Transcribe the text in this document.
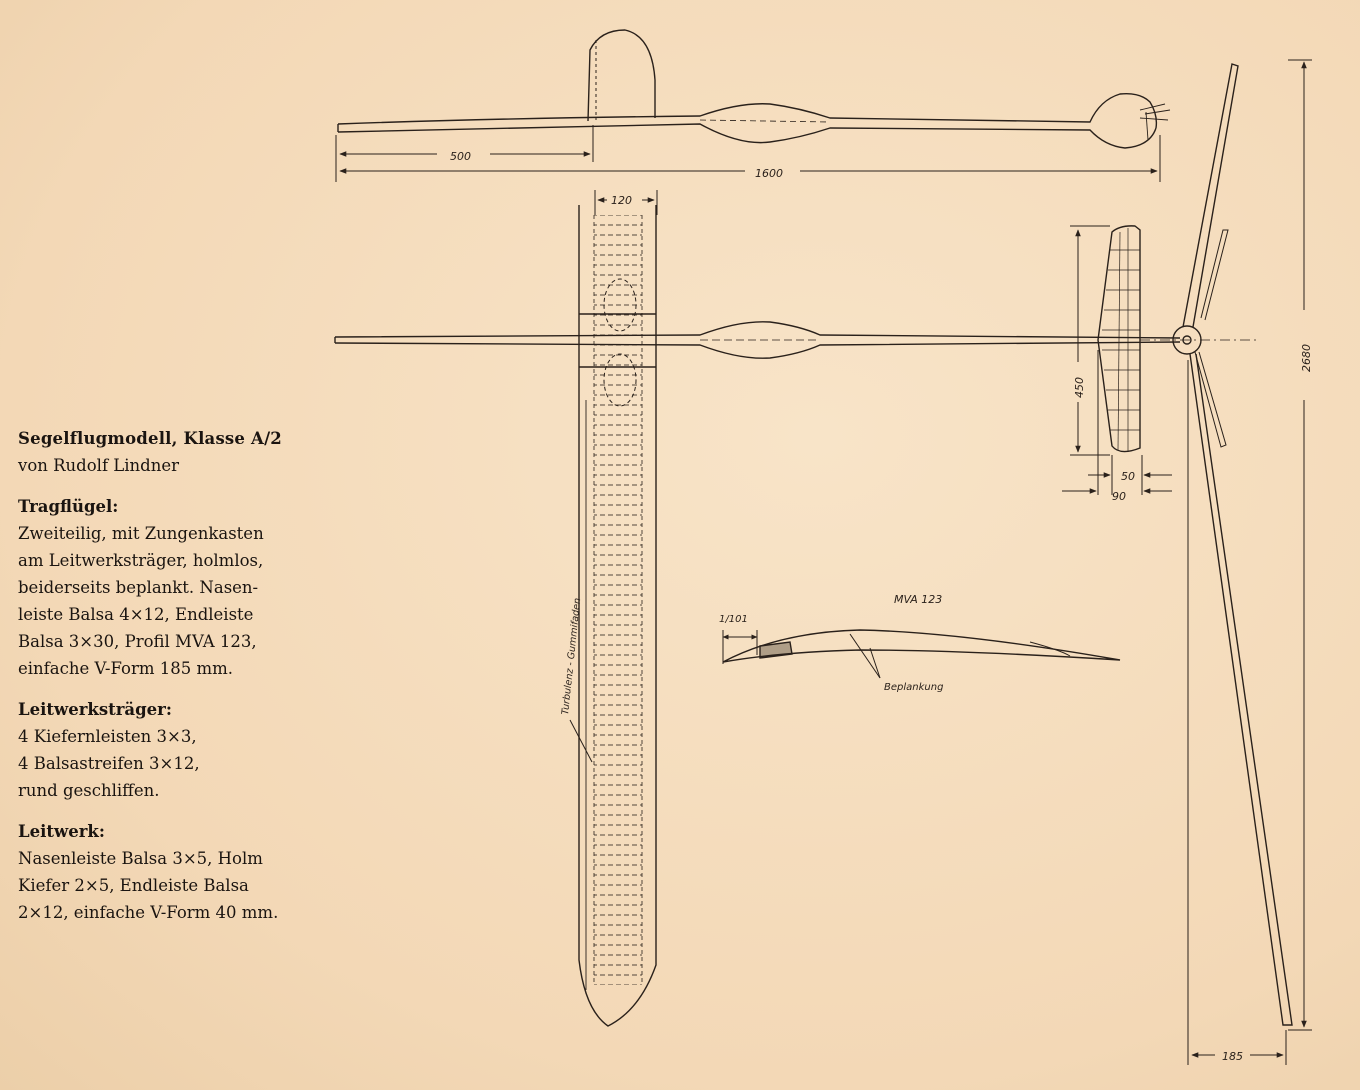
Segelflugmodell, Klasse A/2
von Rudolf Lindner
Tragflügel:
Zweiteilig, mit Zungenkasten
am Leitwerksträger, holmlos,
beiderseits beplankt. Nasen-
leiste Balsa 4×12, Endleiste
Balsa 3×30, Profil MVA 123,
einfache V-Form 185 mm.
Leitwerksträger:
4 Kiefernleisten 3×3,
4 Balsastreifen 3×12,
rund geschliffen.
Leitwerk:
Nasenleiste Balsa 3×5, Holm
Kiefer 2×5, Endleiste Balsa
2×12, einfache V-Form 40 mm.
500
1600
120
450
50
90
2680
185
1/101
MVA 123
Beplankung
Turbulenz - Gummifaden
